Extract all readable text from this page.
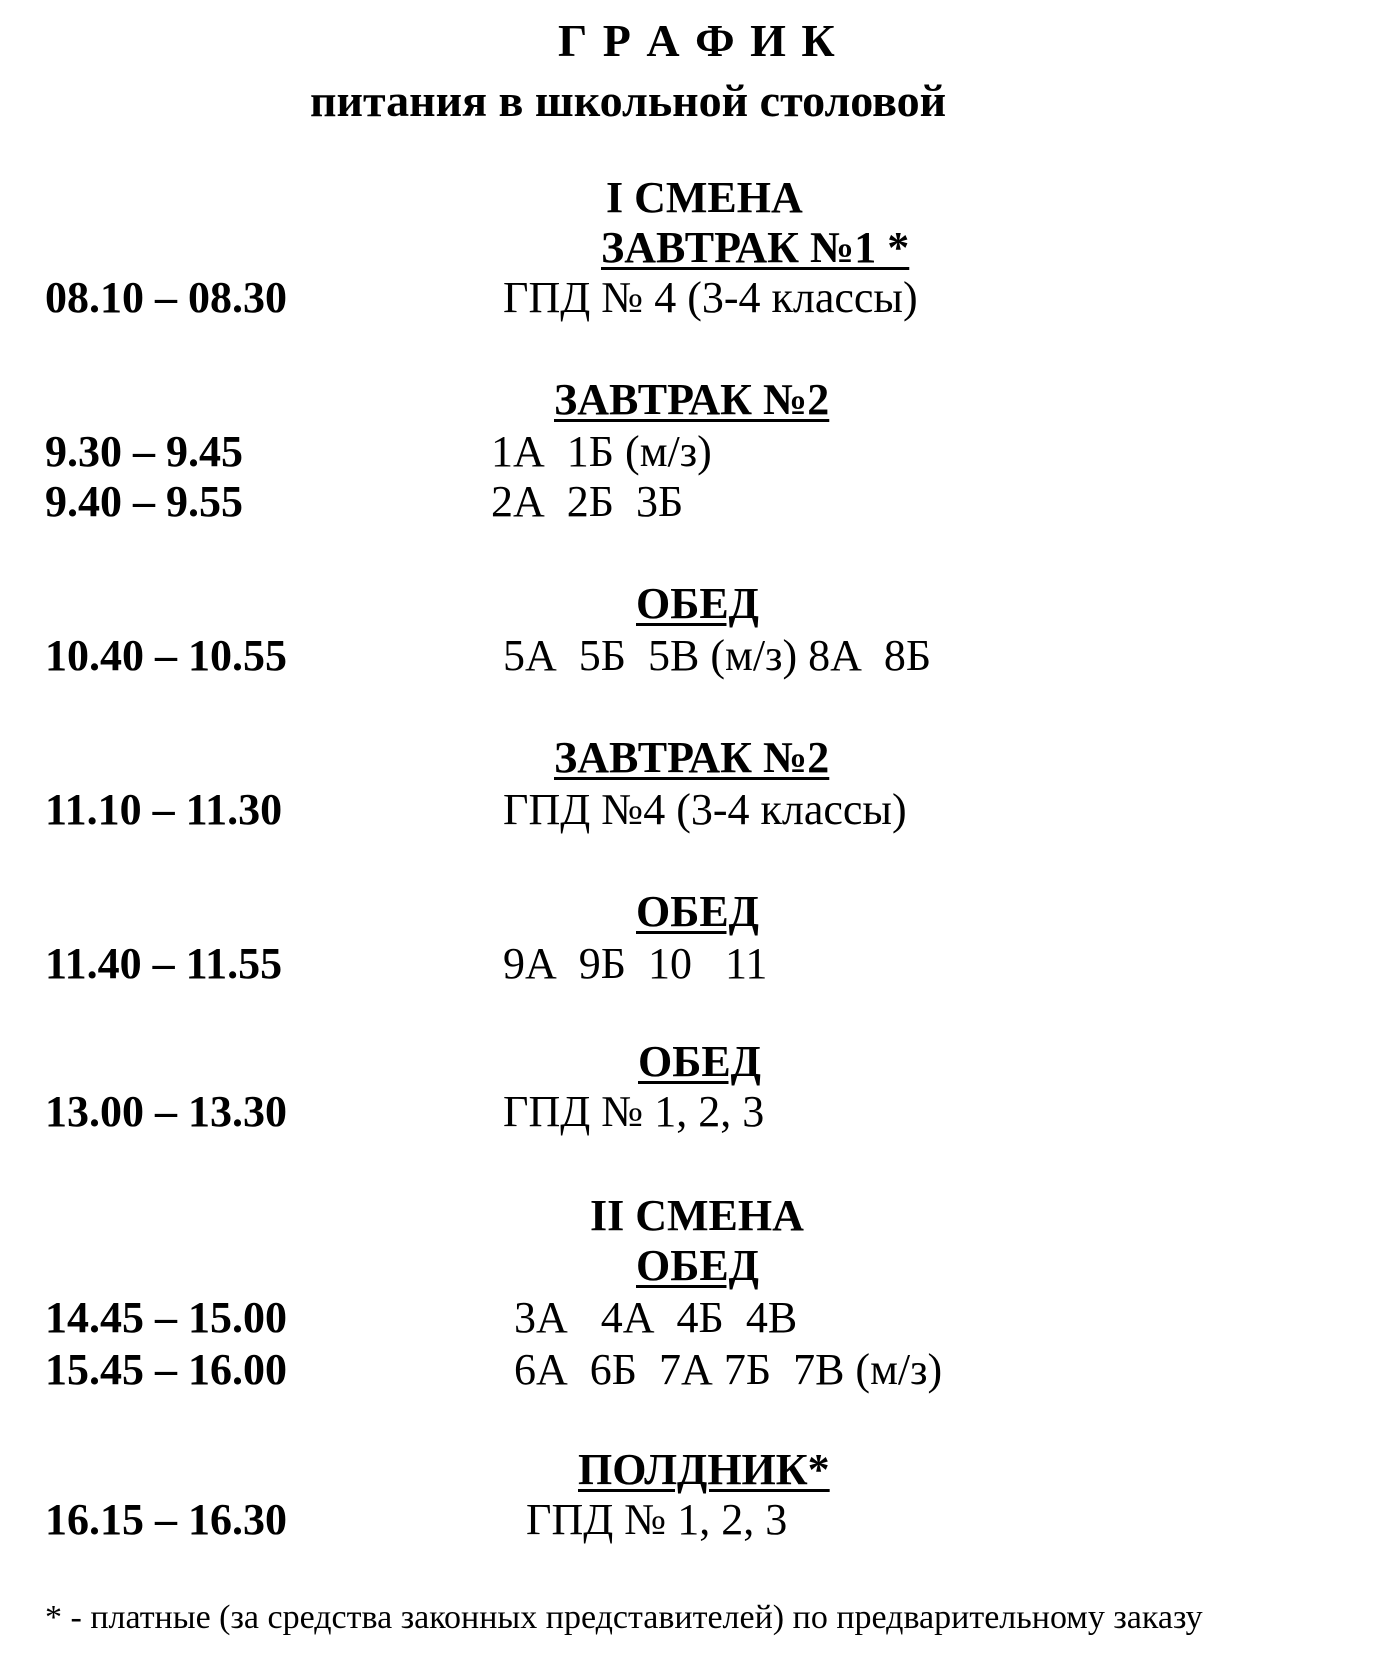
Г Р А Ф И К
питания в школьной столовой
I СМЕНА
ЗАВТРАК №1 *
08.10 – 08.30	ГПД № 4 (3-4 классы)
ЗАВТРАК №2
9.30 – 9.45	1А  1Б (м/з)
9.40 – 9.55	2А  2Б  3Б
ОБЕД
10.40 – 10.55	5А  5Б  5В (м/з) 8А  8Б
ЗАВТРАК №2
11.10 – 11.30	ГПД №4 (3-4 классы)
ОБЕД
11.40 – 11.55	9А  9Б  10   11
ОБЕД
13.00 – 13.30	ГПД № 1, 2, 3
II СМЕНА
ОБЕД
14.45 – 15.00	3А   4А  4Б  4В
15.45 – 16.00	6А  6Б  7А 7Б  7В (м/з)
ПОЛДНИК*
16.15 – 16.30	ГПД № 1, 2, 3
* - платные (за средства законных представителей) по предварительному заказу
